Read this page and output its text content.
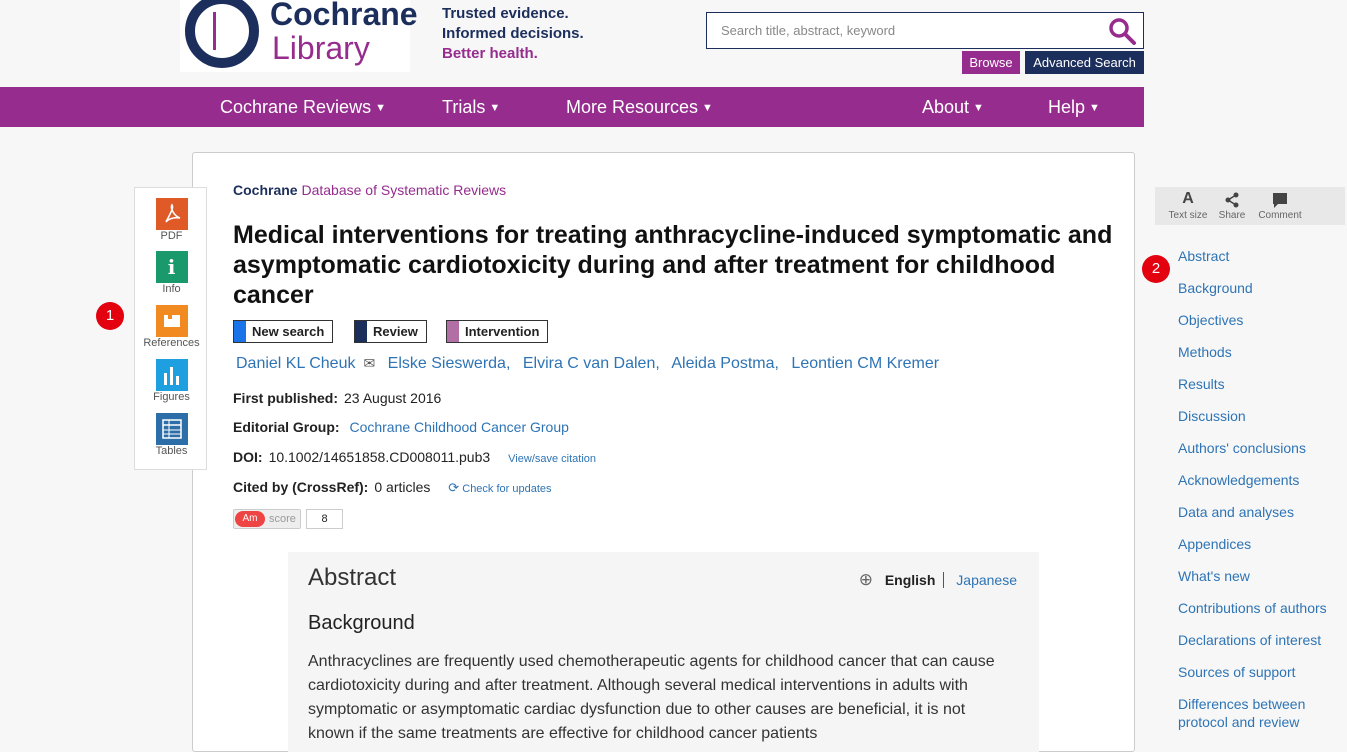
Cochrane
Library
Trusted evidence.
Informed decisions.
Better health.
Search title, abstract, keyword
Browse	Advanced Search
Cochrane Reviews ▼	Trials ▼	More Resources ▼	About ▼	Help ▼
PDF
i
Info
References
Figures
Tables
1
2
Cochrane Database of Systematic Reviews
Medical interventions for treating anthracycline-induced symptomatic and asymptomatic cardiotoxicity during and after treatment for childhood cancer
New search	Review	Intervention
Daniel KL Cheuk ✉ Elske Sieswerda, Elvira C van Dalen, Aleida Postma, Leontien CM Kremer
First published: 23 August 2016
Editorial Group: Cochrane Childhood Cancer Group
DOI: 10.1002/14651858.CD008011.pub3 View/save citation
Cited by (CrossRef): 0 articles ⟳ Check for updates
Am	score	8
Abstract	⊕ English Japanese
Background
Anthracyclines are frequently used chemotherapeutic agents for childhood cancer that can cause cardiotoxicity during and after treatment. Although several medical interventions in adults with symptomatic or asymptomatic cardiac dysfunction due to other causes are beneficial, it is not known if the same treatments are effective for childhood cancer patients
A
Text size Share Comment
Abstract
Background
Objectives
Methods
Results
Discussion
Authors' conclusions
Acknowledgements
Data and analyses
Appendices
What's new
Contributions of authors
Declarations of interest
Sources of support
Differences between protocol and review
